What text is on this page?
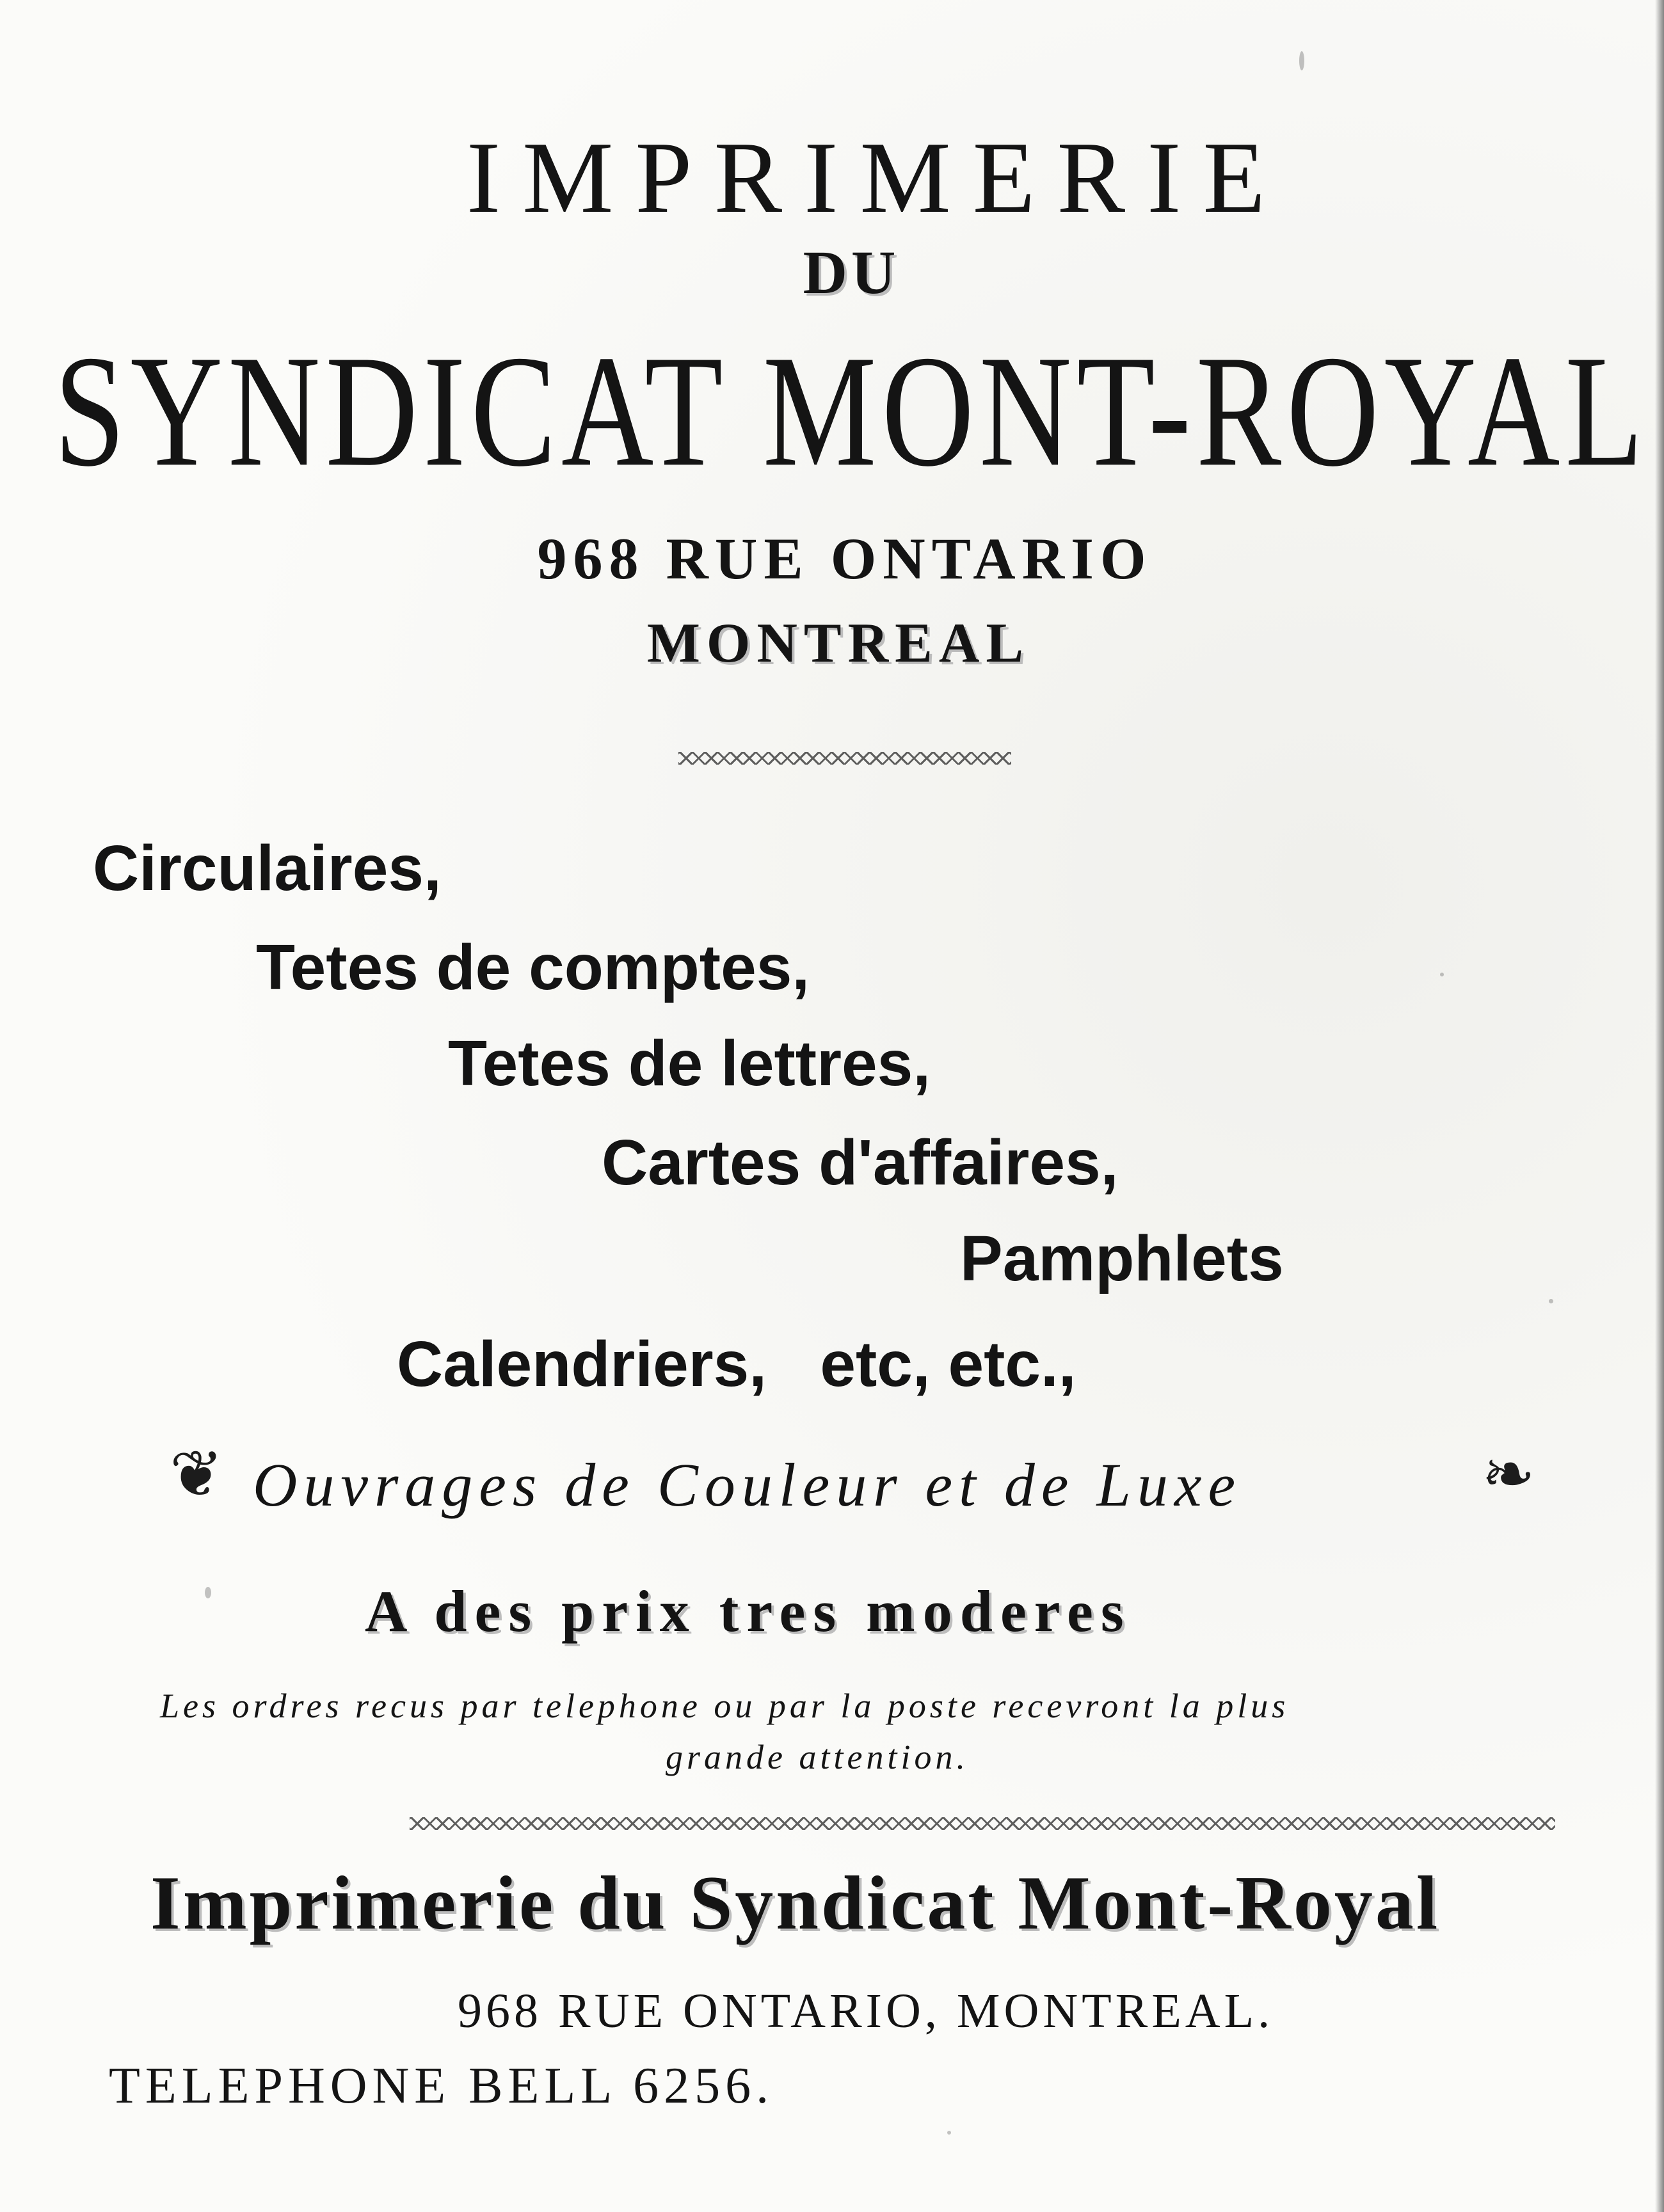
IMPRIMERIE
DU
SYNDICAT MONT-ROYAL
968 RUE ONTARIO
MONTREAL
Circulaires,
Tetes de comptes,
Tetes de lettres,
Cartes d'affaires,
Pamphlets
Calendriers,   etc, etc.,
❦ Ouvrages de Couleur et de Luxe	❧
A des prix tres moderes
Les ordres recus par telephone ou par la poste recevront la plus
grande attention.
Imprimerie du Syndicat Mont-Royal
968 RUE ONTARIO, MONTREAL.
TELEPHONE BELL 6256.
